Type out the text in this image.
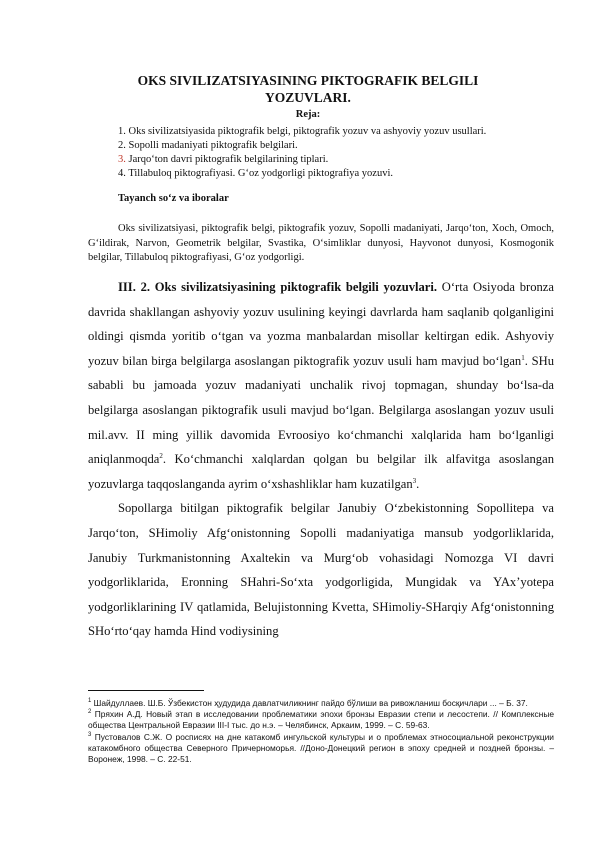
OKS SIVILIZATSIYASINING PIKTOGRAFIK BELGILI YOZUVLARI.
Reja:
1. Oks sivilizatsiyasida piktografik belgi, piktografik yozuv va ashyoviy yozuv usullari.
2. Sopolli madaniyati piktografik belgilari.
3. Jarqo‘ton davri piktografik belgilarining tiplari.
4. Tillabuloq piktografiyasi. G‘oz yodgorligi piktografiya yozuvi.
Tayanch so‘z va iboralar

Oks sivilizatsiyasi, piktografik belgi, piktografik yozuv, Sopolli madaniyati, Jarqo‘ton, Xoch, Omoch, G‘ildirak, Narvon, Geometrik belgilar, Svastika, O‘simliklar dunyosi, Hayvonot dunyosi, Kosmogonik belgilar, Tillabuloq piktografiyasi, G‘oz yodgorligi.

III. 2. Oks sivilizatsiyasining piktografik belgili yozuvlari. O‘rta Osiyoda bronza davrida shakllangan ashyoviy yozuv usulining keyingi davrlarda ham saqlanib qolganligini oldingi qismda yoritib o‘tgan va yozma manbalardan misollar keltirgan edik. Ashyoviy yozuv bilan birga belgilarga asoslangan piktografik yozuv usuli ham mavjud bo‘lgan$^1$. SHu sababli bu jamoada yozuv madaniyati unchalik rivoj topmagan, shunday bo‘lsa-da belgilarga asoslangan piktografik usuli mavjud bo‘lgan. Belgilarga asoslangan yozuv usuli mil.avv. II ming yillik davomida Evroosiyo ko‘chmanchi xalqlarida ham bo‘lganligi aniqlanmoqda$^2$. Ko‘chmanchi xalqlardan qolgan bu belgilar ilk alfavitga asoslangan yozuvlarga taqqoslanganda ayrim o‘xshashliklar ham kuzatilgan$^3$.

Sopollarga bitilgan piktografik belgilar Janubiy O‘zbekistonning Sopollitepa va Jarqo‘ton, SHimoliy Afg‘onistonning Sopolli madaniyatiga mansub yodgorliklarida, Janubiy Turkmanistonning Axaltekin va Murg‘ob vohasidagi Nomozga VI davri yodgorliklarida, Eronning SHahri-So‘xta yodgorligida, Mungidak va YAx’yotepa yodgorliklarining IV qatlamida, Belujistonning Kvetta, SHimoliy-SHarqiy Afg‘onistonning SHo‘rto‘qay hamda Hind vodiysining

$^1$ Шайдуллаев. Ш.Б. Ўзбекистон ҳудудида давлатчиликнинг пайдо бўлиши ва ривожланиш босқичлари ... – Б. 37.

$^2$ Пряхин А.Д. Новый этап в исследовании проблематики эпохи бронзы Евразии степи и лесостепи. // Комплексные общества Центральной Евразии III-I тыс. до н.э. – Челябинск, Аркаим, 1999. – С. 59-63.

$^3$ Пустовалов С.Ж. О росписях на дне катакомб ингульской культуры и о проблемах этносоциальной реконструкции катакомбного общества Северного Причерноморья. //Доно-Донецкий регион в эпоху средней и поздней бронзы. – Воронеж, 1998. – С. 22-51.
